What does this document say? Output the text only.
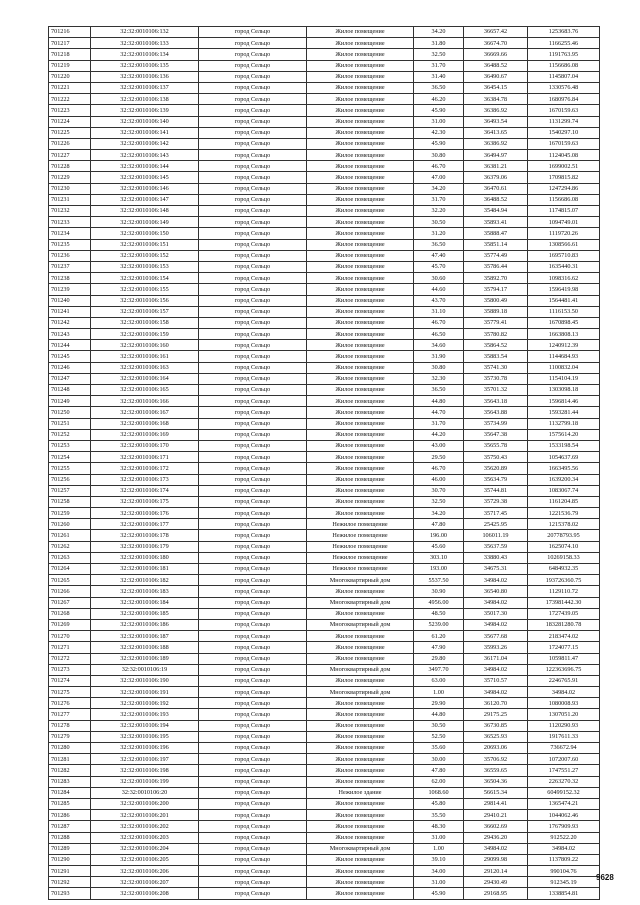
701216	32:32:0010106:132	город Сельцо	Жилое помещение	34.20	36657.42	1253683.76
701217	32:32:0010106:133	город Сельцо	Жилое помещение	31.80	36674.70	1166255.46
701218	32:32:0010106:134	город Сельцо	Жилое помещение	32.50	36669.66	1191763.95
701219	32:32:0010106:135	город Сельцо	Жилое помещение	31.70	36488.52	1156686.08
701220	32:32:0010106:136	город Сельцо	Жилое помещение	31.40	36490.67	1145807.04
701221	32:32:0010106:137	город Сельцо	Жилое помещение	36.50	36454.15	1330576.48
701222	32:32:0010106:138	город Сельцо	Жилое помещение	46.20	36384.78	1680976.84
701223	32:32:0010106:139	город Сельцо	Жилое помещение	45.90	36386.92	1670159.63
701224	32:32:0010106:140	город Сельцо	Жилое помещение	31.00	36493.54	1131299.74
701225	32:32:0010106:141	город Сельцо	Жилое помещение	42.30	36413.65	1540297.10
701226	32:32:0010106:142	город Сельцо	Жилое помещение	45.90	36386.92	1670159.63
701227	32:32:0010106:143	город Сельцо	Жилое помещение	30.80	36494.97	1124045.08
701228	32:32:0010106:144	город Сельцо	Жилое помещение	46.70	36381.21	1699002.51
701229	32:32:0010106:145	город Сельцо	Жилое помещение	47.00	36379.06	1709815.82
701230	32:32:0010106:146	город Сельцо	Жилое помещение	34.20	36470.61	1247294.86
701231	32:32:0010106:147	город Сельцо	Жилое помещение	31.70	36488.52	1156686.08
701232	32:32:0010106:148	город Сельцо	Жилое помещение	32.20	35484.94	1174815.07
701233	32:32:0010106:149	город Сельцо	Жилое помещение	30.50	35893.41	1094749.01
701234	32:32:0010106:150	город Сельцо	Жилое помещение	31.20	35888.47	1119720.26
701235	32:32:0010106:151	город Сельцо	Жилое помещение	36.50	35851.14	1308566.61
701236	32:32:0010106:152	город Сельцо	Жилое помещение	47.40	35774.49	1695710.83
701237	32:32:0010106:153	город Сельцо	Жилое помещение	45.70	35786.44	1635440.31
701238	32:32:0010106:154	город Сельцо	Жилое помещение	30.60	35892.70	1098316.62
701239	32:32:0010106:155	город Сельцо	Жилое помещение	44.60	35794.17	1596419.98
701240	32:32:0010106:156	город Сельцо	Жилое помещение	43.70	35800.49	1564481.41
701241	32:32:0010106:157	город Сельцо	Жилое помещение	31.10	35889.18	1116153.50
701242	32:32:0010106:158	город Сельцо	Жилое помещение	46.70	35779.41	1670898.45
701243	32:32:0010106:159	город Сельцо	Жилое помещение	46.50	35780.82	1663808.13
701244	32:32:0010106:160	город Сельцо	Жилое помещение	34.60	35864.52	1240912.39
701245	32:32:0010106:161	город Сельцо	Жилое помещение	31.90	35883.54	1144684.93
701246	32:32:0010106:163	город Сельцо	Жилое помещение	30.80	35741.30	1100832.04
701247	32:32:0010106:164	город Сельцо	Жилое помещение	32.30	35730.78	1154104.19
701248	32:32:0010106:165	город Сельцо	Жилое помещение	36.50	35701.32	1303098.18
701249	32:32:0010106:166	город Сельцо	Жилое помещение	44.80	35643.18	1596814.46
701250	32:32:0010106:167	город Сельцо	Жилое помещение	44.70	35643.88	1593281.44
701251	32:32:0010106:168	город Сельцо	Жилое помещение	31.70	35734.99	1132799.18
701252	32:32:0010106:169	город Сельцо	Жилое помещение	44.20	35647.38	1575614.20
701253	32:32:0010106:170	город Сельцо	Жилое помещение	43.00	35655.78	1533198.54
701254	32:32:0010106:171	город Сельцо	Жилое помещение	29.50	35750.43	1054637.69
701255	32:32:0010106:172	город Сельцо	Жилое помещение	46.70	35620.89	1663495.56
701256	32:32:0010106:173	город Сельцо	Жилое помещение	46.00	35634.79	1639200.34
701257	32:32:0010106:174	город Сельцо	Жилое помещение	30.70	35744.81	1083067.74
701258	32:32:0010106:175	город Сельцо	Жилое помещение	32.50	35729.38	1161204.85
701259	32:32:0010106:176	город Сельцо	Жилое помещение	34.20	35717.45	1221536.79
701260	32:32:0010106:177	город Сельцо	Нежилое помещение	47.80	25425.95	1215378.02
701261	32:32:0010106:178	город Сельцо	Нежилое помещение	196.00	106011.19	20778793.95
701262	32:32:0010106:179	город Сельцо	Нежилое помещение	45.60	35637.59	1625074.10
701263	32:32:0010106:180	город Сельцо	Нежилое помещение	303.10	33880.43	10269158.33
701264	32:32:0010106:181	город Сельцо	Нежилое помещение	193.00	34675.31	6484932.35
701265	32:32:0010106:182	город Сельцо	Многоквартирный дом	5537.50	34984.02	193726360.75
701266	32:32:0010106:183	город Сельцо	Жилое помещение	30.90	36540.80	1129110.72
701267	32:32:0010106:184	город Сельцо	Многоквартирный дом	4956.00	34984.02	173981442.30
701268	32:32:0010106:185	город Сельцо	Жилое помещение	48.50	35017.30	1727439.05
701269	32:32:0010106:186	город Сельцо	Многоквартирный дом	5239.00	34984.02	183281280.78
701270	32:32:0010106:187	город Сельцо	Жилое помещение	61.20	35677.68	2183474.02
701271	32:32:0010106:188	город Сельцо	Жилое помещение	47.90	35993.26	1724077.15
701272	32:32:0010106:189	город Сельцо	Жилое помещение	29.80	36171.04	1059811.47
701273	32:32:0010106:19	город Сельцо	Многоквартирный дом	3497.70	34984.02	122363696.75
701274	32:32:0010106:190	город Сельцо	Жилое помещение	63.00	35710.57	2246765.91
701275	32:32:0010106:191	город Сельцо	Многоквартирный дом	1.00	34984.02	34984.02
701276	32:32:0010106:192	город Сельцо	Жилое помещение	29.90	36120.70	1080008.93
701277	32:32:0010106:193	город Сельцо	Жилое помещение	44.80	29175.25	1307051.20
701278	32:32:0010106:194	город Сельцо	Жилое помещение	30.50	36730.85	1120290.93
701279	32:32:0010106:195	город Сельцо	Жилое помещение	52.50	36525.93	1917611.33
701280	32:32:0010106:196	город Сельцо	Жилое помещение	35.60	20693.06	736672.94
701281	32:32:0010106:197	город Сельцо	Жилое помещение	30.00	35706.92	1072007.60
701282	32:32:0010106:198	город Сельцо	Жилое помещение	47.80	36559.65	1747551.27
701283	32:32:0010106:199	город Сельцо	Жилое помещение	62.00	36504.36	2263270.32
701284	32:32:0010106:20	город Сельцо	Нежилое здание	1068.60	56615.34	60499152.32
701285	32:32:0010106:200	город Сельцо	Жилое помещение	45.80	29814.41	1365474.21
701286	32:32:0010106:201	город Сельцо	Жилое помещение	35.50	29410.21	1044062.46
701287	32:32:0010106:202	город Сельцо	Жилое помещение	48.30	36602.69	1767909.93
701288	32:32:0010106:203	город Сельцо	Жилое помещение	31.00	29436.20	912522.20
701289	32:32:0010106:204	город Сельцо	Многоквартирный дом	1.00	34984.02	34984.02
701290	32:32:0010106:205	город Сельцо	Жилое помещение	39.10	29099.98	1137809.22
701291	32:32:0010106:206	город Сельцо	Жилое помещение	34.00	29120.14	990104.76
701292	32:32:0010106:207	город Сельцо	Жилое помещение	31.00	29430.49	912345.19
701293	32:32:0010106:208	город Сельцо	Жилое помещение	45.90	29168.95	1338854.81
9628
